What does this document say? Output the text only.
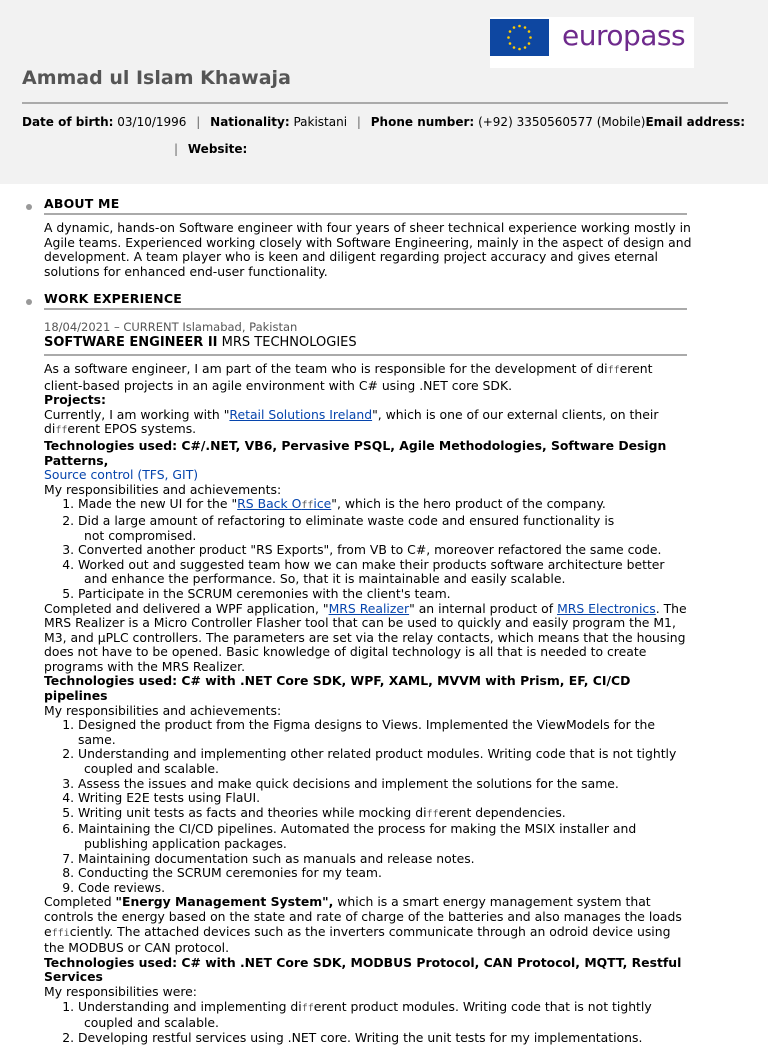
europass
Ammad ul Islam Khawaja
Date of birth: 03/10/1996 | Nationality: Pakistani | Phone number: (+92) 3350560577 (Mobile)Email address:
| Website:
ABOUT ME

A dynamic, hands-on Software engineer with four years of sheer technical experience working mostly in Agile teams. Experienced working closely with Software Engineering, mainly in the aspect of design and development. A team player who is keen and diligent regarding project accuracy and gives eternal solutions for enhanced end-user functionality.

WORK EXPERIENCE
18/04/2021 – CURRENT Islamabad, Pakistan
SOFTWARE ENGINEER II MRS TECHNOLOGIES

As a software engineer, I am part of the team who is responsible for the development of different client-based projects in an agile environment with C# using .NET core SDK.

Projects:

Currently, I am working with "Retail Solutions Ireland", which is one of our external clients, on their different EPOS systems.

Technologies used: C#/.NET, VB6, Pervasive PSQL, Agile Methodologies, Software Design Patterns,

Source control (TFS, GIT)

My responsibilities and achievements:

1. Made the new UI for the "RS Back Office", which is the hero product of the company.
2. Did a large amount of refactoring to eliminate waste code and ensured functionality is
not compromised.
3. Converted another product "RS Exports", from VB to C#, moreover refactored the same code.
4. Worked out and suggested team how we can make their products software architecture better
and enhance the performance. So, that it is maintainable and easily scalable.
5. Participate in the SCRUM ceremonies with the client's team.

Completed and delivered a WPF application, "MRS Realizer" an internal product of MRS Electronics. The MRS Realizer is a Micro Controller Flasher tool that can be used to quickly and easily program the M1, M3, and µPLC controllers. The parameters are set via the relay contacts, which means that the housing does not have to be opened. Basic knowledge of digital technology is all that is needed to create programs with the MRS Realizer.

Technologies used: C# with .NET Core SDK, WPF, XAML, MVVM with Prism, EF, CI/CD pipelines

My responsibilities and achievements:

1. Designed the product from the Figma designs to Views. Implemented the ViewModels for the same.
2. Understanding and implementing other related product modules. Writing code that is not tightly
coupled and scalable.
3. Assess the issues and make quick decisions and implement the solutions for the same.
4. Writing E2E tests using FlaUI.
5. Writing unit tests as facts and theories while mocking different dependencies.
6. Maintaining the CI/CD pipelines. Automated the process for making the MSIX installer and
publishing application packages.
7. Maintaining documentation such as manuals and release notes.
8. Conducting the SCRUM ceremonies for my team.
9. Code reviews.

Completed "Energy Management System", which is a smart energy management system that controls the energy based on the state and rate of charge of the batteries and also manages the loads efficiently. The attached devices such as the inverters communicate through an odroid device using the MODBUS or CAN protocol.

Technologies used: C# with .NET Core SDK, MODBUS Protocol, CAN Protocol, MQTT, Restful Services

My responsibilities were:

1. Understanding and implementing different product modules. Writing code that is not tightly
coupled and scalable.
2. Developing restful services using .NET core. Writing the unit tests for my implementations.
